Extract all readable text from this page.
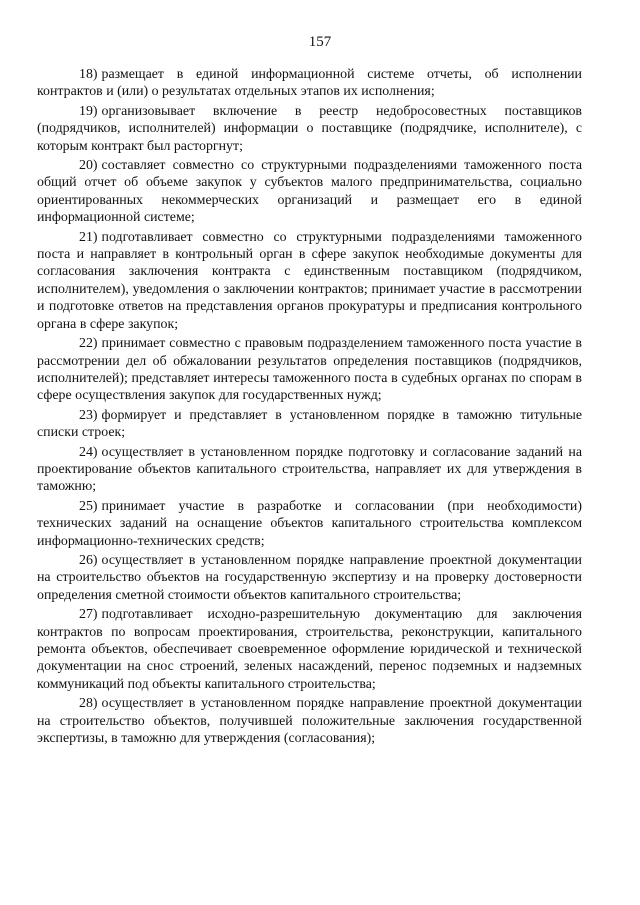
157

18) размещает в единой информационной системе отчеты, об исполнении контрактов и (или) о результатах отдельных этапов их исполнения;

19) организовывает включение в реестр недобросовестных поставщиков (подрядчиков, исполнителей) информации о поставщике (подрядчике, исполнителе), с которым контракт был расторгнут;

20) составляет совместно со структурными подразделениями таможенного поста общий отчет об объеме закупок у субъектов малого предпринимательства, социально ориентированных некоммерческих организаций и размещает его в единой информационной системе;

21) подготавливает совместно со структурными подразделениями таможенного поста и направляет в контрольный орган в сфере закупок необходимые документы для согласования заключения контракта с единственным поставщиком (подрядчиком, исполнителем), уведомления о заключении контрактов; принимает участие в рассмотрении и подготовке ответов на представления органов прокуратуры и предписания контрольного органа в сфере закупок;

22) принимает совместно с правовым подразделением таможенного поста участие в рассмотрении дел об обжаловании результатов определения поставщиков (подрядчиков, исполнителей); представляет интересы таможенного поста в судебных органах по спорам в сфере осуществления закупок для государственных нужд;

23) формирует и представляет в установленном порядке в таможню титульные списки строек;

24) осуществляет в установленном порядке подготовку и согласование заданий на проектирование объектов капитального строительства, направляет их для утверждения в таможню;

25) принимает участие в разработке и согласовании (при необходимости) технических заданий на оснащение объектов капитального строительства комплексом информационно-технических средств;

26) осуществляет в установленном порядке направление проектной документации на строительство объектов на государственную экспертизу и на проверку достоверности определения сметной стоимости объектов капитального строительства;

27) подготавливает исходно-разрешительную документацию для заключения контрактов по вопросам проектирования, строительства, реконструкции, капитального ремонта объектов, обеспечивает своевременное оформление юридической и технической документации на снос строений, зеленых насаждений, перенос подземных и надземных коммуникаций под объекты капитального строительства;

28) осуществляет в установленном порядке направление проектной документации на строительство объектов, получившей положительные заключения государственной экспертизы, в таможню для утверждения (согласования);
